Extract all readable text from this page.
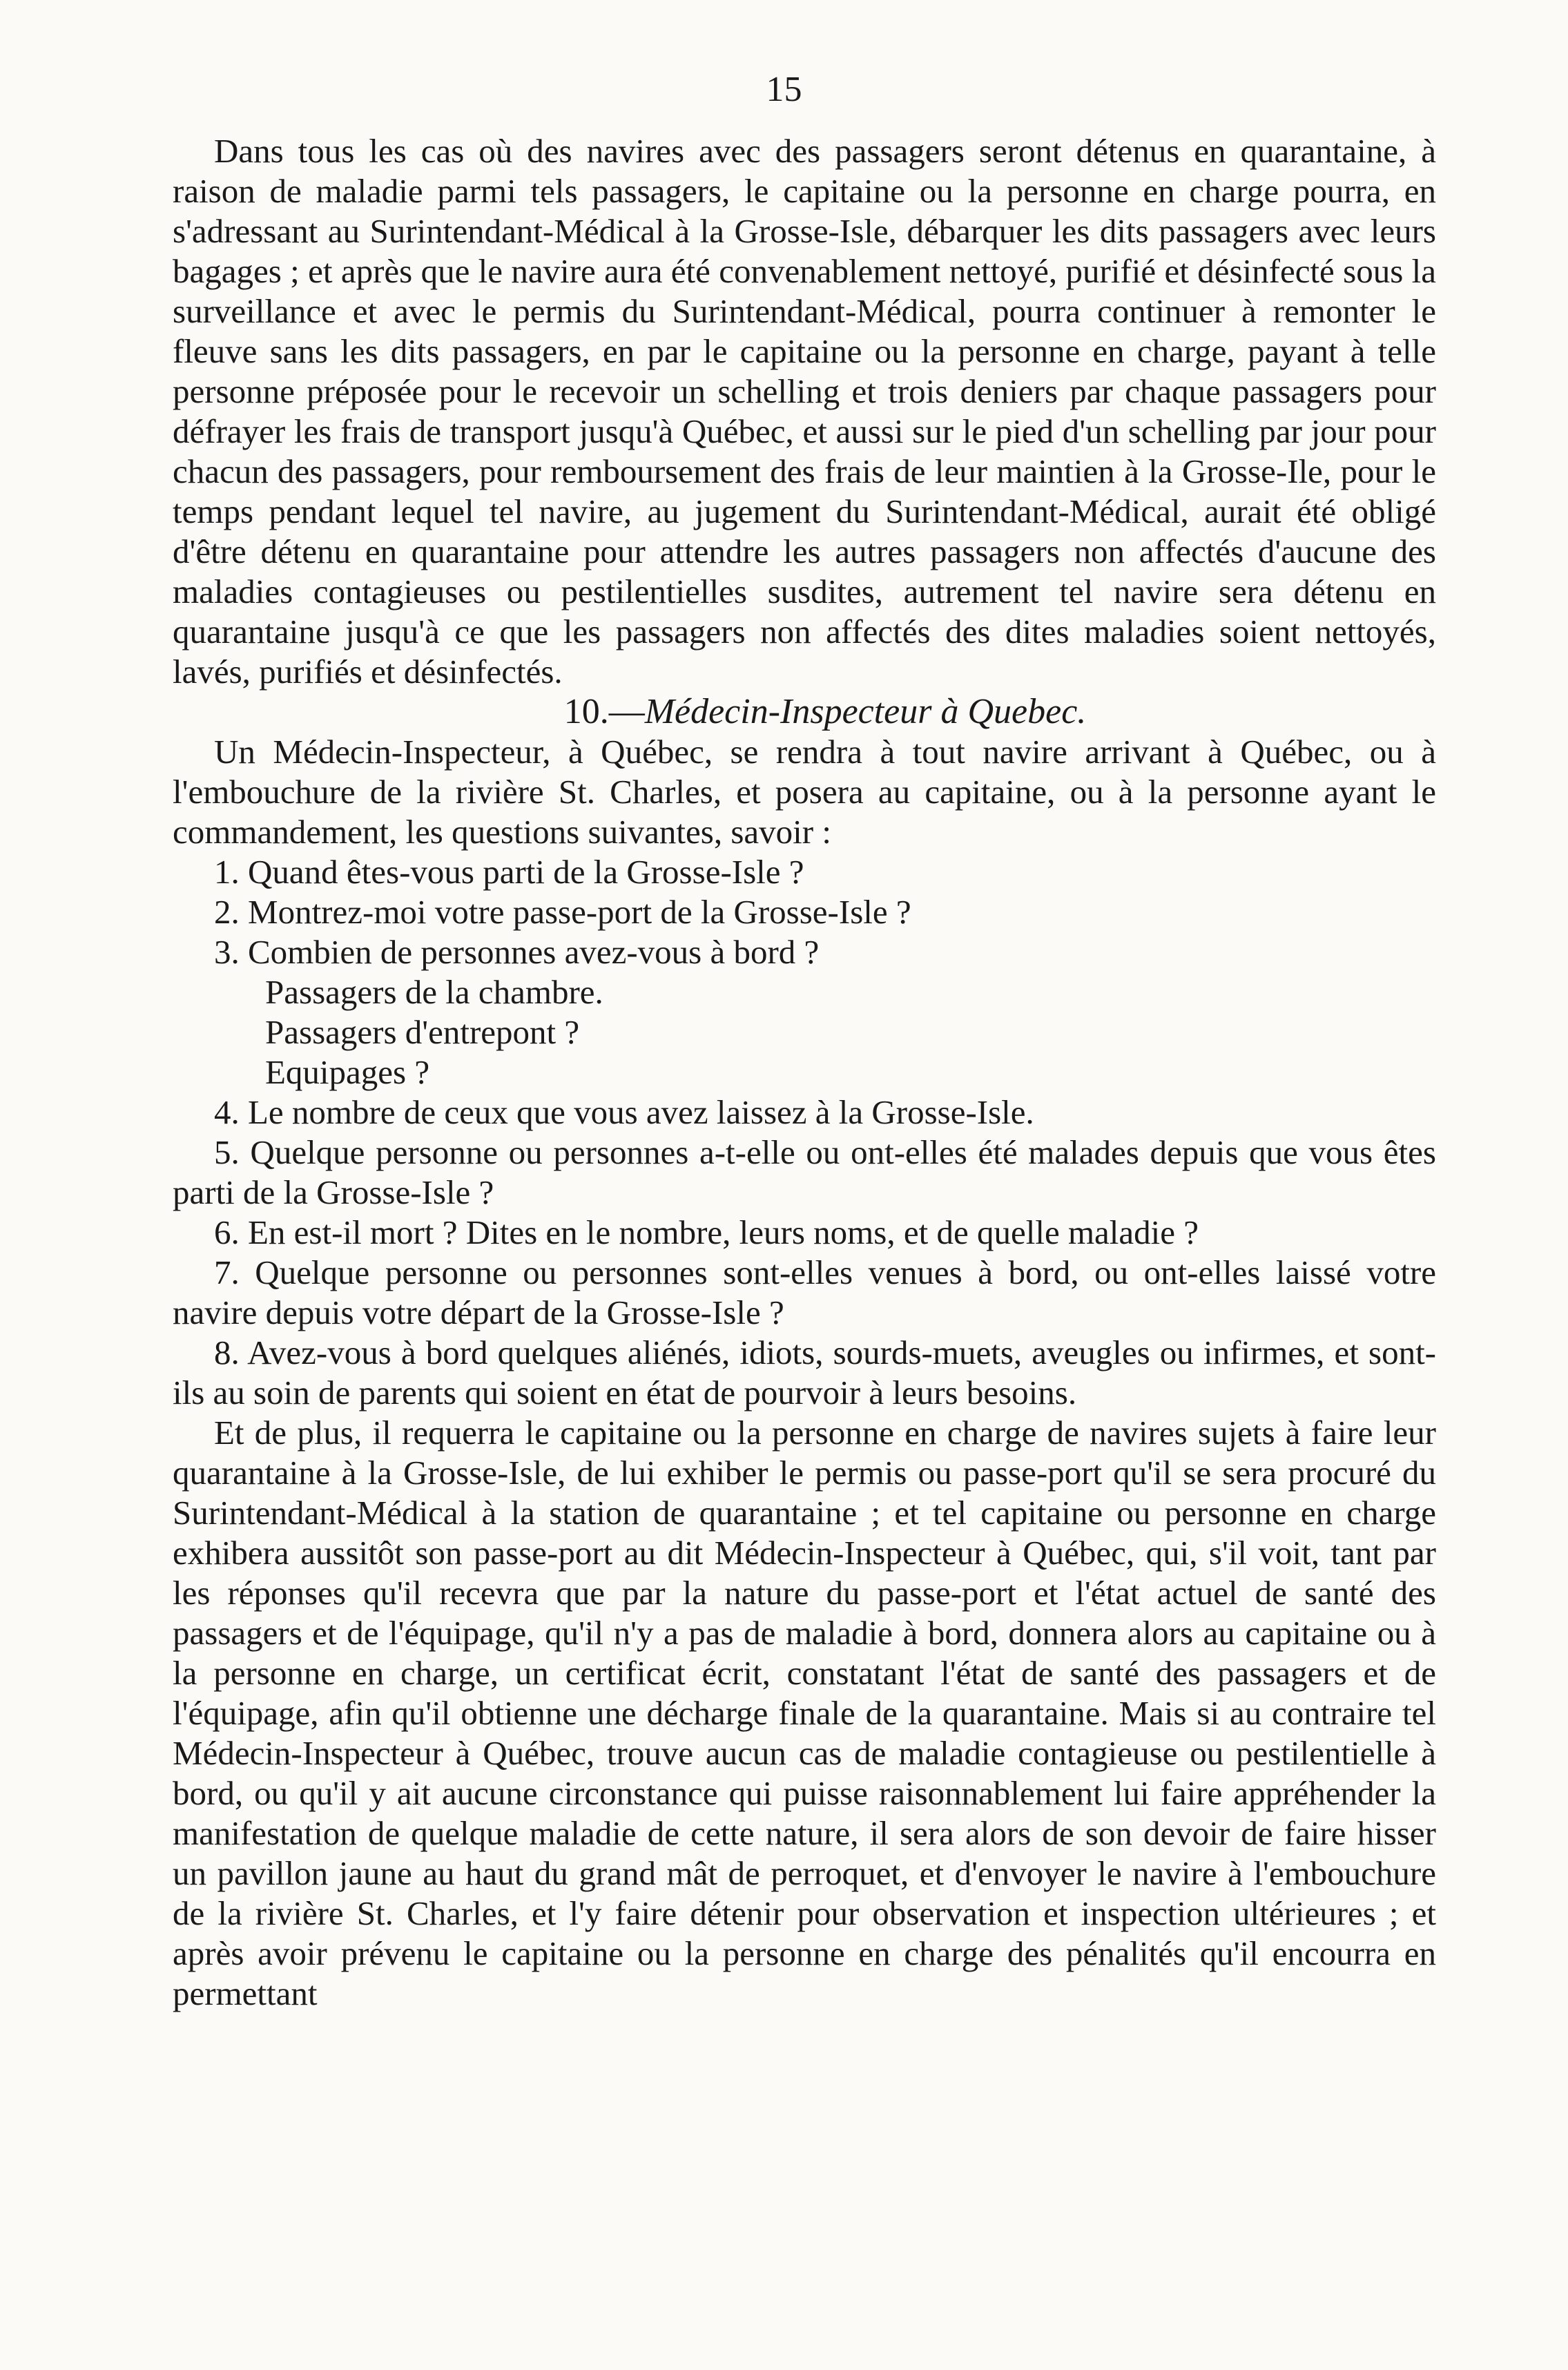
15

Dans tous les cas où des navires avec des passagers seront détenus en quarantaine, à raison de maladie parmi tels passagers, le capitaine ou la personne en charge pourra, en s'adressant au Surintendant-Médical à la Grosse-Isle, débarquer les dits passagers avec leurs bagages ; et après que le navire aura été convenablement nettoyé, purifié et désinfecté sous la surveillance et avec le permis du Surintendant-Médical, pourra continuer à remonter le fleuve sans les dits passagers, en par le capitaine ou la personne en charge, payant à telle personne préposée pour le recevoir un schelling et trois deniers par chaque passagers pour défrayer les frais de transport jusqu'à Québec, et aussi sur le pied d'un schelling par jour pour chacun des passagers, pour remboursement des frais de leur maintien à la Grosse-Ile, pour le temps pendant lequel tel navire, au jugement du Surintendant-Médical, aurait été obligé d'être détenu en quarantaine pour attendre les autres passagers non affectés d'aucune des maladies contagieuses ou pestilentielles susdites, autrement tel navire sera détenu en quarantaine jusqu'à ce que les passagers non affectés des dites maladies soient nettoyés, lavés, purifiés et désinfectés.

10.—Médecin-Inspecteur à Quebec.

Un Médecin-Inspecteur, à Québec, se rendra à tout navire arrivant à Québec, ou à l'embouchure de la rivière St. Charles, et posera au capitaine, ou à la personne ayant le commandement, les questions suivantes, savoir :

1. Quand êtes-vous parti de la Grosse-Isle ?

2. Montrez-moi votre passe-port de la Grosse-Isle ?

3. Combien de personnes avez-vous à bord ?

Passagers de la chambre.

Passagers d'entrepont ?

Equipages ?

4. Le nombre de ceux que vous avez laissez à la Grosse-Isle.

5. Quelque personne ou personnes a-t-elle ou ont-elles été malades depuis que vous êtes parti de la Grosse-Isle ?

6. En est-il mort ? Dites en le nombre, leurs noms, et de quelle maladie ?

7. Quelque personne ou personnes sont-elles venues à bord, ou ont-elles laissé votre navire depuis votre départ de la Grosse-Isle ?

8. Avez-vous à bord quelques aliénés, idiots, sourds-muets, aveugles ou infirmes, et sont-ils au soin de parents qui soient en état de pourvoir à leurs besoins.

Et de plus, il requerra le capitaine ou la personne en charge de navires sujets à faire leur quarantaine à la Grosse-Isle, de lui exhiber le permis ou passe-port qu'il se sera procuré du Surintendant-Médical à la station de quarantaine ; et tel capitaine ou personne en charge exhibera aussitôt son passe-port au dit Médecin-Inspecteur à Québec, qui, s'il voit, tant par les réponses qu'il recevra que par la nature du passe-port et l'état actuel de santé des passagers et de l'équipage, qu'il n'y a pas de maladie à bord, donnera alors au capitaine ou à la personne en charge, un certificat écrit, constatant l'état de santé des passagers et de l'équipage, afin qu'il obtienne une décharge finale de la quarantaine. Mais si au contraire tel Médecin-Inspecteur à Québec, trouve aucun cas de maladie contagieuse ou pestilentielle à bord, ou qu'il y ait aucune circonstance qui puisse raisonnablement lui faire appréhender la manifestation de quelque maladie de cette nature, il sera alors de son devoir de faire hisser un pavillon jaune au haut du grand mât de perroquet, et d'envoyer le navire à l'embouchure de la rivière St. Charles, et l'y faire détenir pour observation et inspection ultérieures ; et après avoir prévenu le capitaine ou la personne en charge des pénalités qu'il encourra en permettant
